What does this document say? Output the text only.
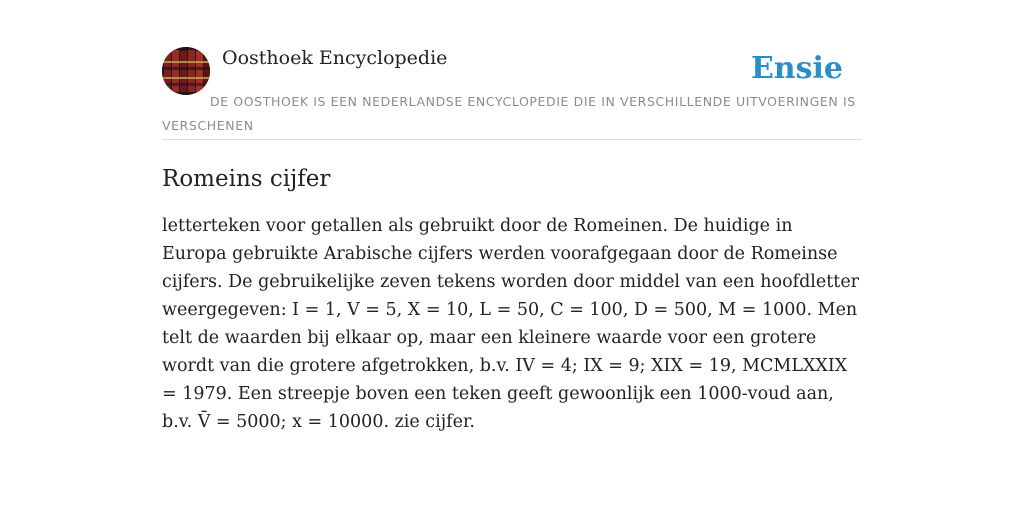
Oosthoek Encyclopedie	Ensie
DE OOSTHOEK IS EEN NEDERLANDSE ENCYCLOPEDIE DIE IN VERSCHILLENDE UITVOERINGEN IS VERSCHENEN
Romeins cijfer

letterteken voor getallen als gebruikt door de Romeinen. De huidige in Europa gebruikte Arabische cijfers werden voorafgegaan door de Romeinse cijfers. De gebruikelijke zeven tekens worden door middel van een hoofdletter weergegeven: I = 1, V = 5, X = 10, L = 50, C = 100, D = 500, M = 1000. Men telt de waarden bij elkaar op, maar een kleinere waarde voor een grotere wordt van die grotere afgetrokken, b.v. IV = 4; IX = 9; XIX = 19, MCMLXXIX = 1979. Een streepje boven een teken geeft gewoonlijk een 1000-voud aan, b.v. V̄ = 5000; x = 10000. zie cijfer.
